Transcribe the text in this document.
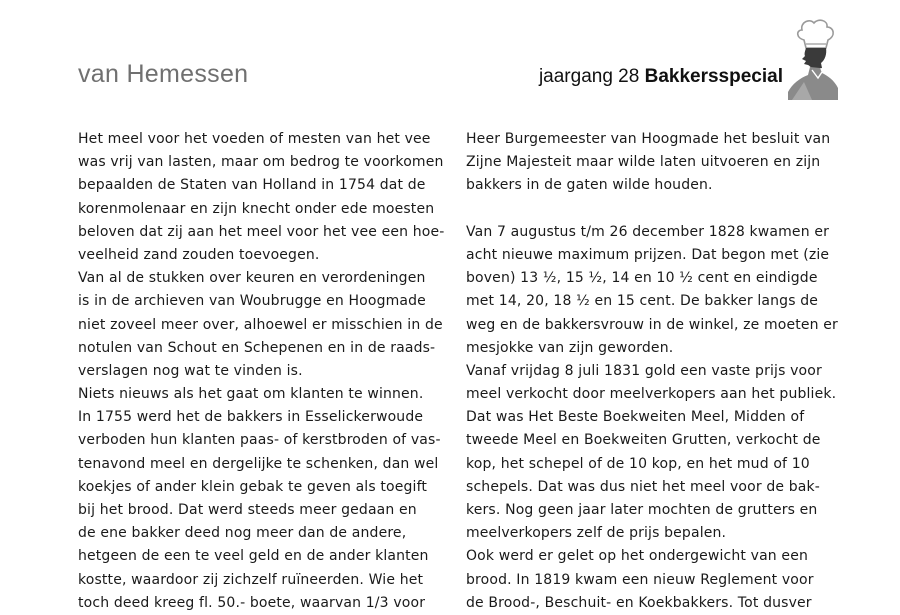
van Hemessen	jaargang 28 Bakkersspecial
Het meel voor het voeden of mesten van het vee
was vrij van lasten, maar om bedrog te voorkomen
bepaalden de Staten van Holland in 1754 dat de
korenmolenaar en zijn knecht onder ede moesten
beloven dat zij aan het meel voor het vee een hoe-
veelheid zand zouden toevoegen.
Van al de stukken over keuren en verordeningen
is in de archieven van Woubrugge en Hoogmade
niet zoveel meer over, alhoewel er misschien in de
notulen van Schout en Schepenen en in de raads-
verslagen nog wat te vinden is.
Niets nieuws als het gaat om klanten te winnen.
In 1755 werd het de bakkers in Esselickerwoude
verboden hun klanten paas- of kerstbroden of vas-
tenavond meel en dergelijke te schenken, dan wel
koekjes of ander klein gebak te geven als toegift
bij het brood. Dat werd steeds meer gedaan en
de ene bakker deed nog meer dan de andere,
hetgeen de een te veel geld en de ander klanten
kostte, waardoor zij zichzelf ruïneerden. Wie het
toch deed kreeg fl. 50.- boete, waarvan 1/3 voor
Heer Burgemeester van Hoogmade het besluit van
Zijne Majesteit maar wilde laten uitvoeren en zijn
bakkers in de gaten wilde houden.
Van 7 augustus t/m 26 december 1828 kwamen er
acht nieuwe maximum prijzen. Dat begon met (zie
boven) 13 ½, 15 ½, 14 en 10 ½ cent en eindigde
met 14, 20, 18 ½ en 15 cent. De bakker langs de
weg en de bakkersvrouw in de winkel, ze moeten er
mesjokke van zijn geworden.
Vanaf vrijdag 8 juli 1831 gold een vaste prijs voor
meel verkocht door meelverkopers aan het publiek.
Dat was Het Beste Boekweiten Meel, Midden of
tweede Meel en Boekweiten Grutten, verkocht de
kop, het schepel of de 10 kop, en het mud of 10
schepels. Dat was dus niet het meel voor de bak-
kers. Nog geen jaar later mochten de grutters en
meelverkopers zelf de prijs bepalen.
Ook werd er gelet op het ondergewicht van een
brood. In 1819 kwam een nieuw Reglement voor
de Brood-, Beschuit- en Koekbakkers. Tot dusver
